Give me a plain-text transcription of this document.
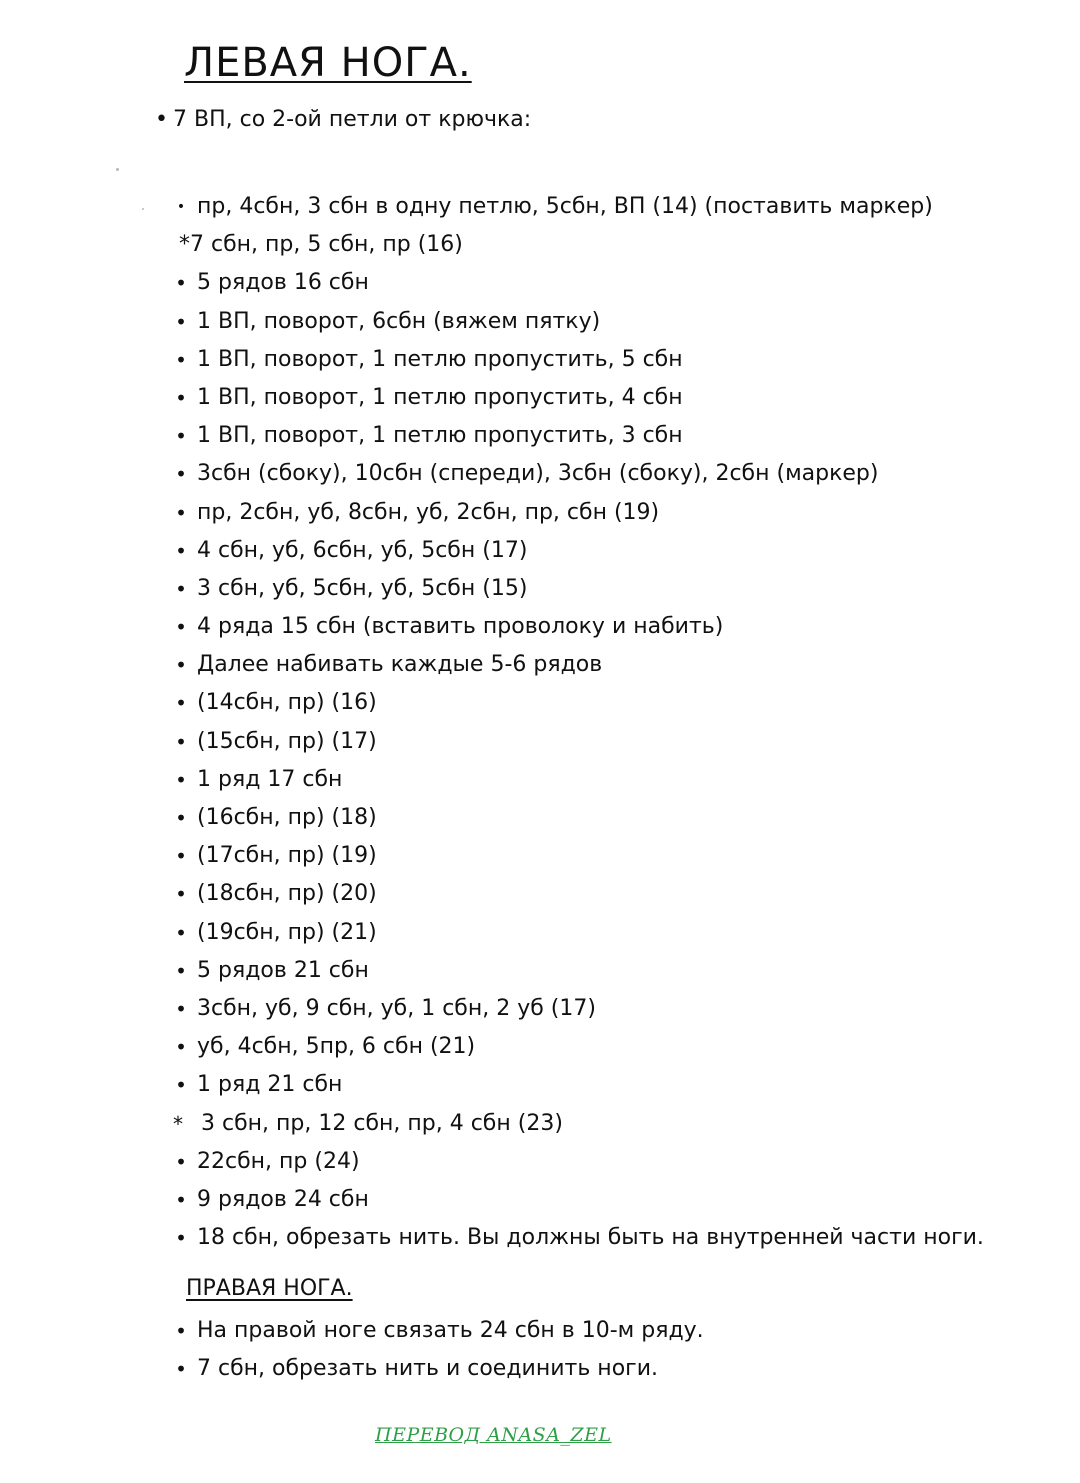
ЛЕВАЯ НОГА.
• 7 ВП, со 2-ой петли от крючка:
• пр, 4сбн, 3 сбн в одну петлю, 5сбн, ВП (14) (поставить маркер)
*7 сбн, пр, 5 сбн, пр (16)
• 5 рядов 16 сбн
• 1 ВП, поворот, 6сбн (вяжем пятку)
• 1 ВП, поворот, 1 петлю пропустить, 5 сбн
• 1 ВП, поворот, 1 петлю пропустить, 4 сбн
• 1 ВП, поворот, 1 петлю пропустить, 3 сбн
• 3сбн (сбоку), 10сбн (спереди), 3сбн (сбоку), 2сбн (маркер)
• пр, 2сбн, уб, 8сбн, уб, 2сбн, пр, сбн (19)
• 4 сбн, уб, 6сбн, уб, 5сбн (17)
• 3 сбн, уб, 5сбн, уб, 5сбн (15)
• 4 ряда 15 сбн (вставить проволоку и набить)
• Далее набивать каждые 5-6 рядов
• (14сбн, пр) (16)
• (15сбн, пр) (17)
• 1 ряд 17 сбн
• (16сбн, пр) (18)
• (17сбн, пр) (19)
• (18сбн, пр) (20)
• (19сбн, пр) (21)
• 5 рядов 21 сбн
• 3сбн, уб, 9 сбн, уб, 1 сбн, 2 уб (17)
• уб, 4сбн, 5пр, 6 сбн (21)
• 1 ряд 21 сбн
* 3 сбн, пр, 12 сбн, пр, 4 сбн (23)
• 22сбн, пр (24)
• 9 рядов 24 сбн
• 18 сбн, обрезать нить. Вы должны быть на внутренней части ноги.
ПРАВАЯ НОГА.
• На правой ноге связать 24 сбн в 10-м ряду.
• 7 сбн, обрезать нить и соединить ноги.
ПЕРЕВОД ANASA_ZEL
